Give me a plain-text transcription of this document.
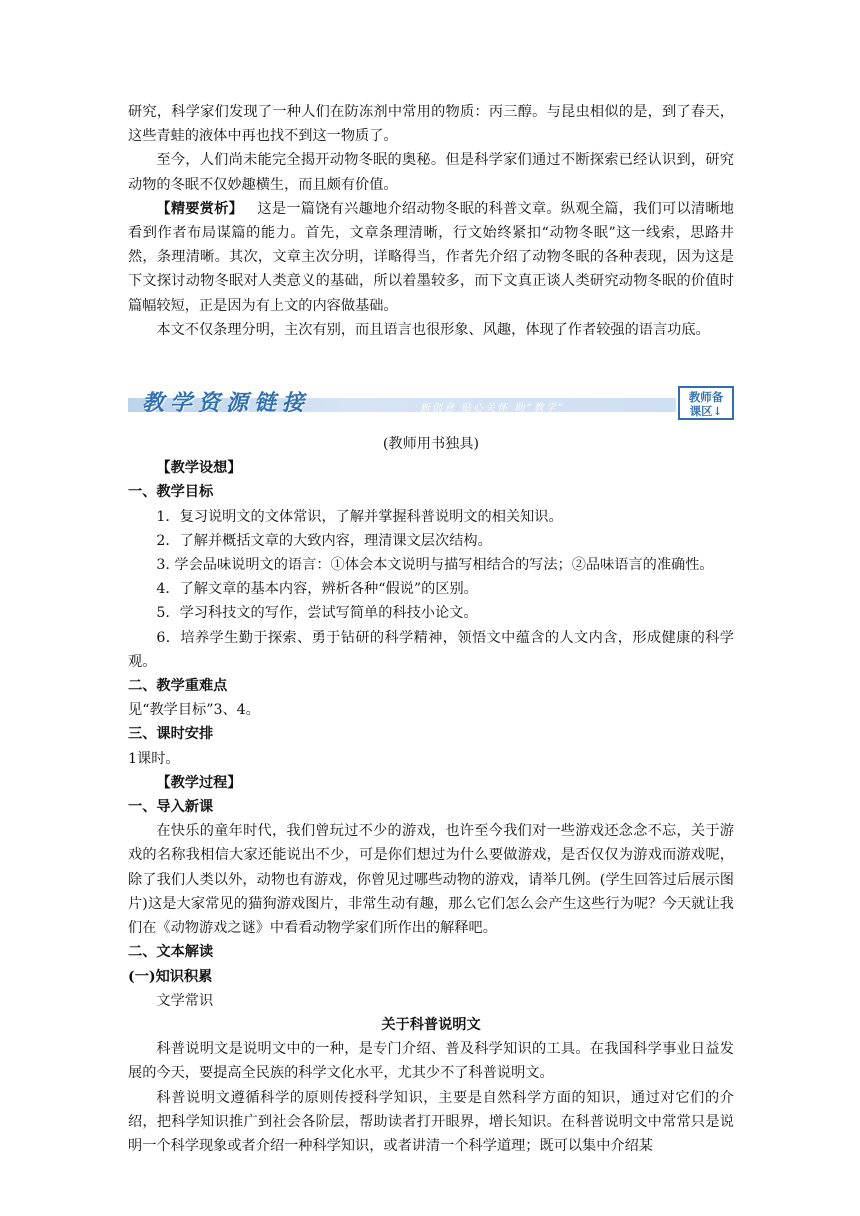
研究，科学家们发现了一种人们在防冻剂中常用的物质：丙三醇。与昆虫相似的是，到了春天，这些青蛙的液体中再也找不到这一物质了。

至今，人们尚未能完全揭开动物冬眠的奥秘。但是科学家们通过不断探索已经认识到，研究动物的冬眠不仅妙趣横生，而且颇有价值。

【精要赏析】 这是一篇饶有兴趣地介绍动物冬眠的科普文章。纵观全篇，我们可以清晰地看到作者布局谋篇的能力。首先，文章条理清晰，行文始终紧扣“动物冬眠”这一线索，思路井然，条理清晰。其次，文章主次分明，详略得当，作者先介绍了动物冬眠的各种表现，因为这是下文探讨动物冬眠对人类意义的基础，所以着墨较多，而下文真正谈人类研究动物冬眠的价值时篇幅较短，正是因为有上文的内容做基础。

本文不仅条理分明，主次有别，而且语言也很形象、风趣，体现了作者较强的语言功底。

教学资源链接	新创意 贴心关怀 助“教学”
教师备
课区↓

(教师用书独具)

【教学设想】

一、教学目标

1．复习说明文的文体常识，了解并掌握科普说明文的相关知识。

2．了解并概括文章的大致内容，理清课文层次结构。

3. 学会品味说明文的语言：①体会本文说明与描写相结合的写法；②品味语言的准确性。

4．了解文章的基本内容，辨析各种“假说”的区别。

5．学习科技文的写作，尝试写简单的科技小论文。

6．培养学生勤于探索、勇于钻研的科学精神，领悟文中蕴含的人文内含，形成健康的科学观。

二、教学重难点

见“教学目标”3、4。

三、课时安排

1课时。

【教学过程】

一、导入新课

在快乐的童年时代，我们曾玩过不少的游戏，也许至今我们对一些游戏还念念不忘，关于游戏的名称我相信大家还能说出不少，可是你们想过为什么要做游戏，是否仅仅为游戏而游戏呢，除了我们人类以外，动物也有游戏，你曾见过哪些动物的游戏，请举几例。(学生回答过后展示图片)这是大家常见的猫狗游戏图片，非常生动有趣，那么它们怎么会产生这些行为呢？今天就让我们在《动物游戏之谜》中看看动物学家们所作出的解释吧。

二、文本解读

(一)知识积累

文学常识

关于科普说明文

科普说明文是说明文中的一种，是专门介绍、普及科学知识的工具。在我国科学事业日益发展的今天，要提高全民族的科学文化水平，尤其少不了科普说明文。

科普说明文遵循科学的原则传授科学知识，主要是自然科学方面的知识，通过对它们的介绍，把科学知识推广到社会各阶层，帮助读者打开眼界，增长知识。在科普说明文中常常只是说明一个科学现象或者介绍一种科学知识，或者讲清一个科学道理；既可以集中介绍某
